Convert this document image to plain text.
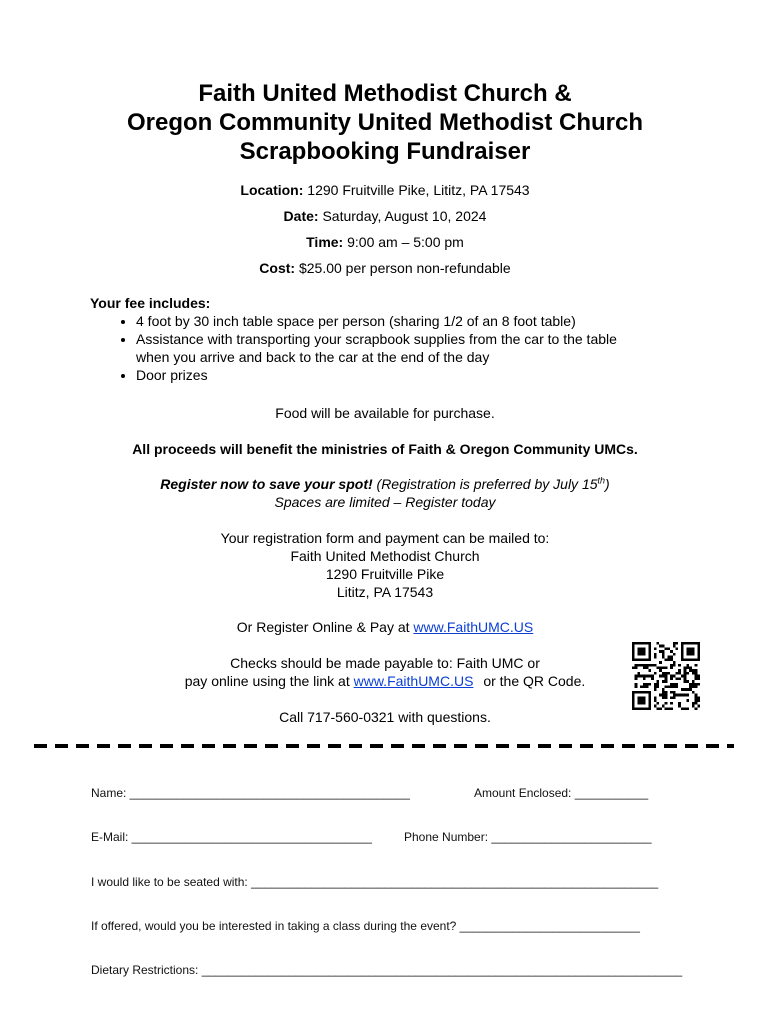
Faith United Methodist Church &
Oregon Community United Methodist Church
Scrapbooking Fundraiser
Location: 1290 Fruitville Pike, Lititz, PA 17543
Date: Saturday, August 10, 2024
Time: 9:00 am – 5:00 pm
Cost: $25.00 per person non-refundable
Your fee includes:
• 4 foot by 30 inch table space per person (sharing 1/2 of an 8 foot table)
• Assistance with transporting your scrapbook supplies from the car to the table when you arrive and back to the car at the end of the day
• Door prizes
Food will be available for purchase.
All proceeds will benefit the ministries of Faith & Oregon Community UMCs.
Register now to save your spot! (Registration is preferred by July 15th)
Spaces are limited – Register today
Your registration form and payment can be mailed to:
Faith United Methodist Church
1290 Fruitville Pike
Lititz, PA 17543
Or Register Online & Pay at www.FaithUMC.US
Checks should be made payable to: Faith UMC or
pay online using the link at www.FaithUMC.US or the QR Code.
Call 717-560-0321 with questions.
Name: __________________________________________	Amount Enclosed: ___________
E-Mail: ____________________________________	Phone Number: ________________________
I would like to be seated with: _____________________________________________________________
If offered, would you be interested in taking a class during the event? ___________________________
Dietary Restrictions: ________________________________________________________________________
